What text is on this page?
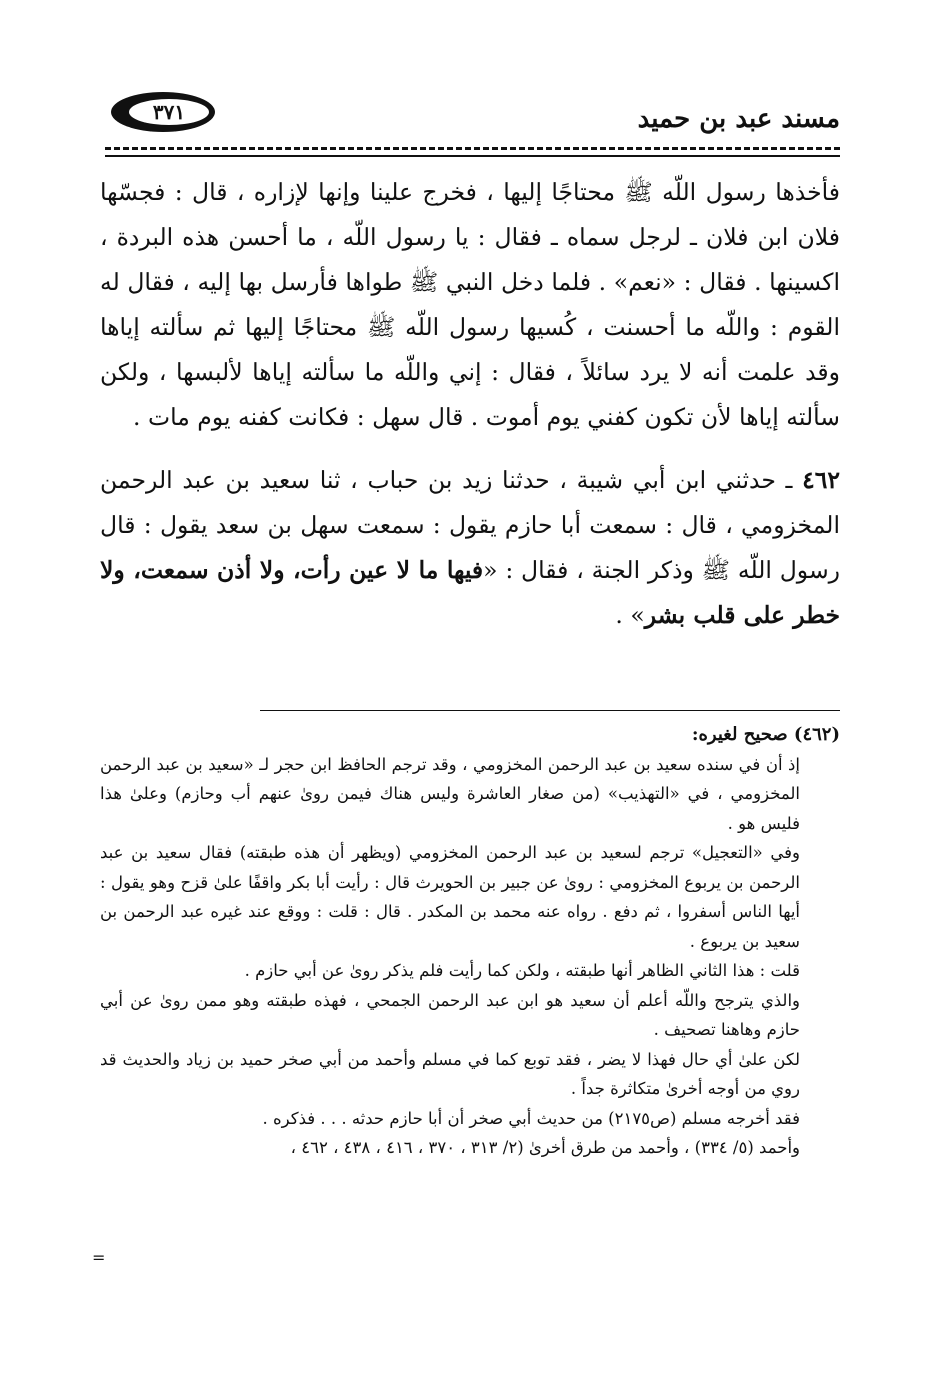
مسند عبد بن حميد
٣٧١

فأخذها رسول اللّه ﷺ محتاجًا إليها ، فخرج علينا وإنها لإزاره ، قال : فجسّها فلان ابن فلان ـ لرجل سماه ـ فقال : يا رسول اللّه ، ما أحسن هذه البردة ، اكسينها . فقال : «نعم» . فلما دخل النبي ﷺ طواها فأرسل بها إليه ، فقال له القوم : واللّه ما أحسنت ، كُسيها رسول اللّه ﷺ محتاجًا إليها ثم سألته إياها وقد علمت أنه لا يرد سائلاً ، فقال : إني واللّه ما سألته إياها لألبسها ، ولكن سألته إياها لأن تكون كفني يوم أموت . قال سهل : فكانت كفنه يوم مات .

٤٦٢ ـ حدثني ابن أبي شيبة ، حدثنا زيد بن حباب ، ثنا سعيد بن عبد الرحمن المخزومي ، قال : سمعت أبا حازم يقول : سمعت سهل بن سعد يقول : قال رسول اللّه ﷺ وذكر الجنة ، فقال : «فيها ما لا عين رأت، ولا أذن سمعت، ولا خطر على قلب بشر» .

(٤٦٢) صحيح لغيره:

إذ أن في سنده سعيد بن عبد الرحمن المخزومي ، وقد ترجم الحافظ ابن حجر لـ «سعيد بن عبد الرحمن المخزومي ، في «التهذيب» (من صغار العاشرة وليس هناك فيمن روىٰ عنهم أب وحازم) وعلىٰ هذا فليس هو .

وفي «التعجيل» ترجم لسعيد بن عبد الرحمن المخزومي (ويظهر أن هذه طبقته) فقال سعيد بن عبد الرحمن بن يربوع المخزومي : روىٰ عن جبير بن الحويرث قال : رأيت أبا بكر واقفًا علىٰ قزح وهو يقول : أيها الناس أسفروا ، ثم دفع . رواه عنه محمد بن المكدر . قال : قلت : ووقع عند غيره عبد الرحمن بن سعيد بن يربوع .

قلت : هذا الثاني الظاهر أنها طبقته ، ولكن كما رأيت فلم يذكر روىٰ عن أبي حازم .

والذي يترجح واللّه أعلم أن سعيد هو ابن عبد الرحمن الجمحي ، فهذه طبقته وهو ممن روىٰ عن أبي حازم وهاهنا تصحيف .

لكن علىٰ أي حال فهذا لا يضر ، فقد توبع كما في مسلم وأحمد من أبي صخر حميد بن زياد والحديث قد روي من أوجه أخرىٰ متكاثرة جداً .

فقد أخرجه مسلم (ص٢١٧٥) من حديث أبي صخر أن أبا حازم حدثه . . . فذكره .

وأحمد (٥/ ٣٣٤) ، وأحمد من طرق أخرىٰ (٢/ ٣١٣ ، ٣٧٠ ، ٤١٦ ، ٤٣٨ ، ٤٦٢ ،

=
